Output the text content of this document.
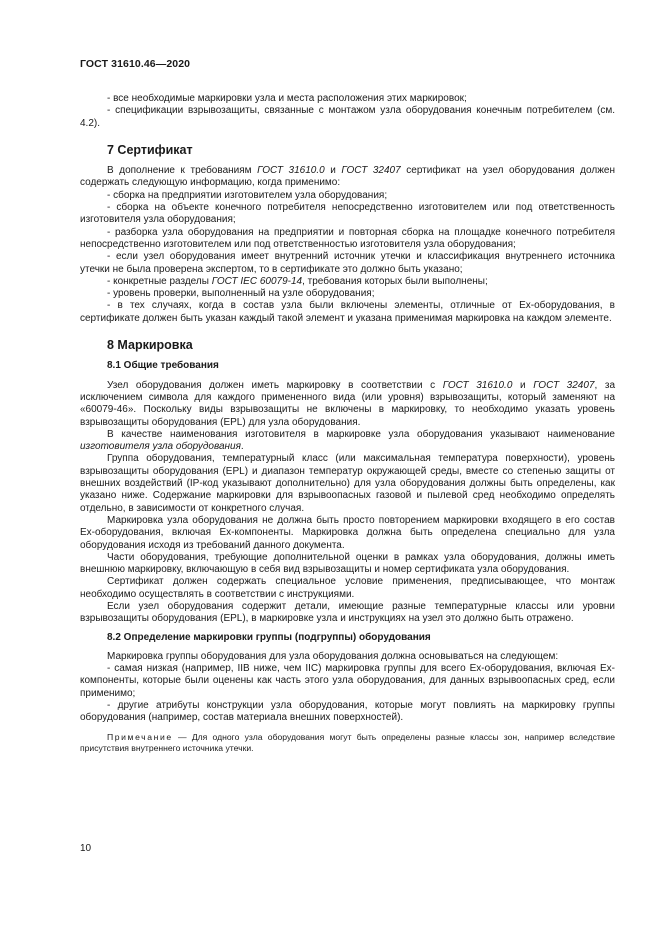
ГОСТ 31610.46—2020

- все необходимые маркировки узла и места расположения этих маркировок;

- спецификации взрывозащиты, связанные с монтажом узла оборудования конечным потребителем (см. 4.2).

7 Сертификат

В дополнение к требованиям ГОСТ 31610.0 и ГОСТ 32407 сертификат на узел оборудования должен содержать следующую информацию, когда применимо:

- сборка на предприятии изготовителем узла оборудования;

- сборка на объекте конечного потребителя непосредственно изготовителем или под ответственность изготовителя узла оборудования;

- разборка узла оборудования на предприятии и повторная сборка на площадке конечного потребителя непосредственно изготовителем или под ответственностью изготовителя узла оборудования;

- если узел оборудования имеет внутренний источник утечки и классификация внутреннего источника утечки не была проверена экспертом, то в сертификате это должно быть указано;

- конкретные разделы ГОСТ IEC 60079-14, требования которых были выполнены;

- уровень проверки, выполненный на узле оборудования;

- в тех случаях, когда в состав узла были включены элементы, отличные от Ex-оборудования, в сертификате должен быть указан каждый такой элемент и указана применимая маркировка на каждом элементе.

8 Маркировка
8.1 Общие требования

Узел оборудования должен иметь маркировку в соответствии с ГОСТ 31610.0 и ГОСТ 32407, за исключением символа для каждого примененного вида (или уровня) взрывозащиты, который заменяют на «60079-46». Поскольку виды взрывозащиты не включены в маркировку, то необходимо указать уровень взрывозащиты оборудования (EPL) для узла оборудования.

В качестве наименования изготовителя в маркировке узла оборудования указывают наименование изготовителя узла оборудования.

Группа оборудования, температурный класс (или максимальная температура поверхности), уровень взрывозащиты оборудования (EPL) и диапазон температур окружающей среды, вместе со степенью защиты от внешних воздействий (IP-код указывают дополнительно) для узла оборудования должны быть определены, как указано ниже. Содержание маркировки для взрывоопасных газовой и пылевой сред необходимо определять отдельно, в зависимости от конкретного случая.

Маркировка узла оборудования не должна быть просто повторением маркировки входящего в его состав Ex-оборудования, включая Ex-компоненты. Маркировка должна быть определена специально для узла оборудования исходя из требований данного документа.

Части оборудования, требующие дополнительной оценки в рамках узла оборудования, должны иметь внешнюю маркировку, включающую в себя вид взрывозащиты и номер сертификата узла оборудования.

Сертификат должен содержать специальное условие применения, предписывающее, что монтаж необходимо осуществлять в соответствии с инструкциями.

Если узел оборудования содержит детали, имеющие разные температурные классы или уровни взрывозащиты оборудования (EPL), в маркировке узла и инструкциях на узел это должно быть отражено.

8.2 Определение маркировки группы (подгруппы) оборудования

Маркировка группы оборудования для узла оборудования должна основываться на следующем:

- самая низкая (например, IIB ниже, чем IIC) маркировка группы для всего Ex-оборудования, включая Ex-компоненты, которые были оценены как часть этого узла оборудования, для данных взрывоопасных сред, если применимо;

- другие атрибуты конструкции узла оборудования, которые могут повлиять на маркировку группы оборудования (например, состав материала внешних поверхностей).

Примечание — Для одного узла оборудования могут быть определены разные классы зон, например вследствие присутствия внутреннего источника утечки.
10
